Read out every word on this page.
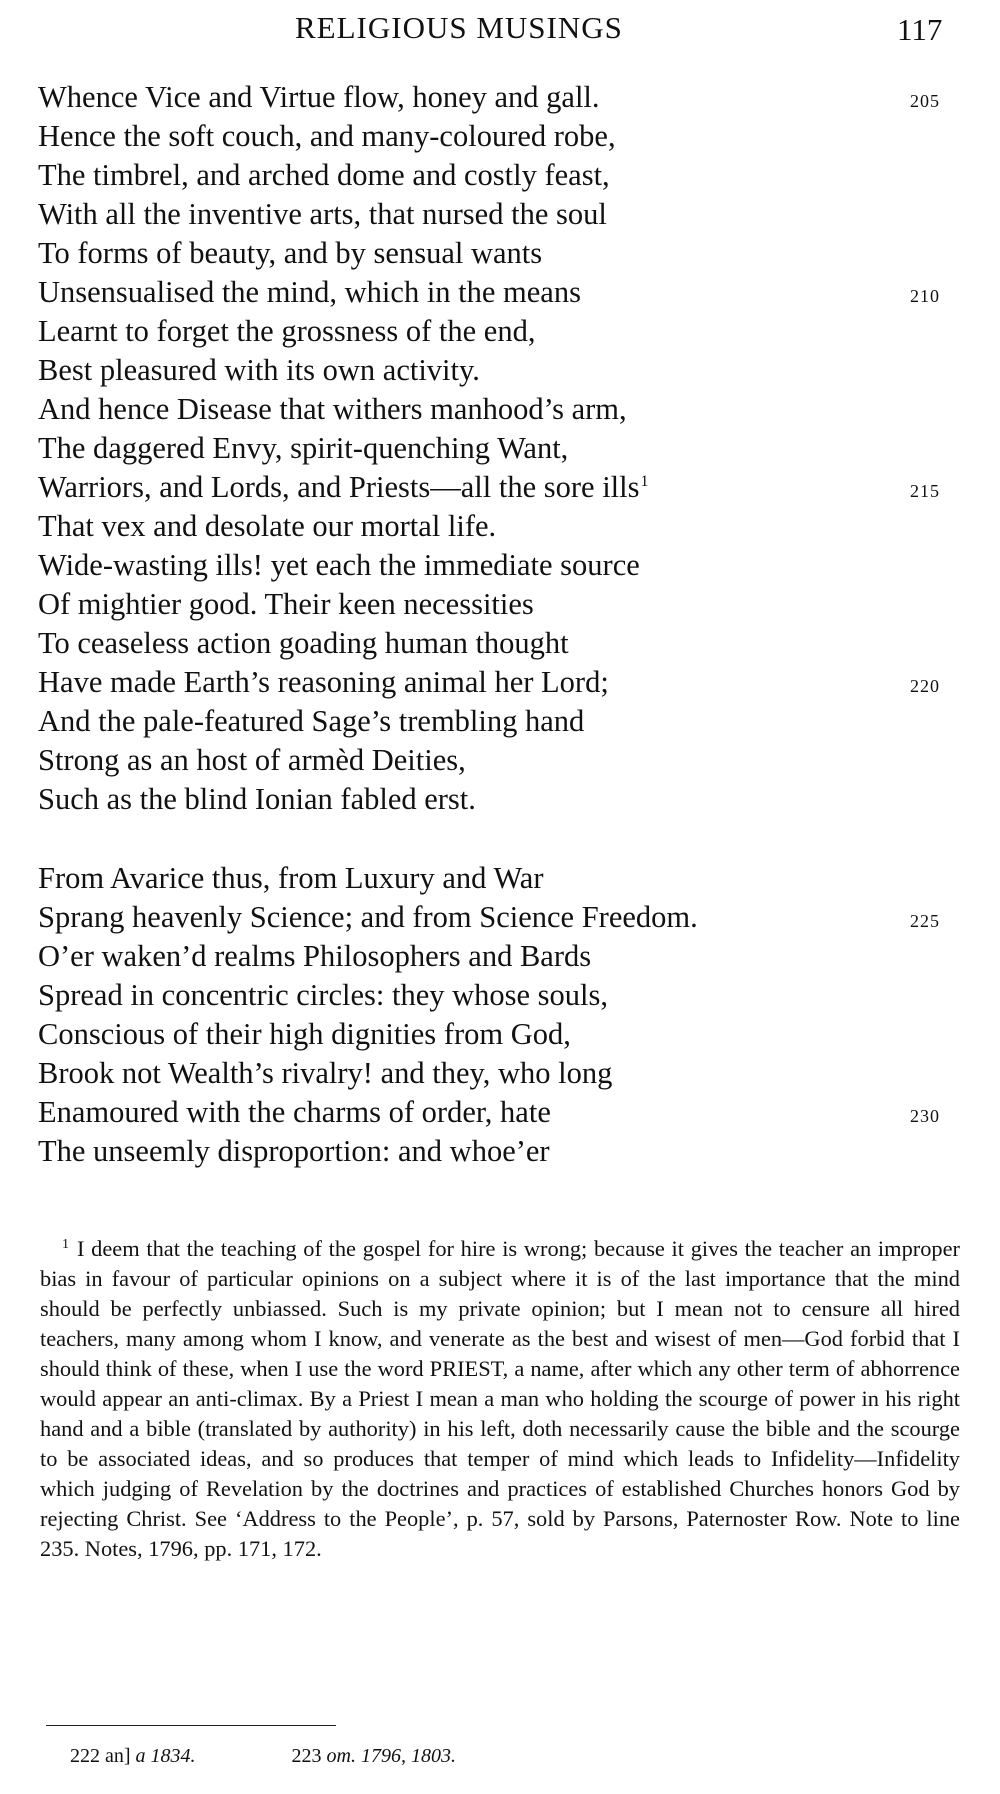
RELIGIOUS MUSINGS	117
Whence Vice and Virtue flow, honey and gall.	205
Hence the soft couch, and many-coloured robe,
The timbrel, and arched dome and costly feast,
With all the inventive arts, that nursed the soul
To forms of beauty, and by sensual wants
Unsensualised the mind, which in the means	210
Learnt to forget the grossness of the end,
Best pleasured with its own activity.
And hence Disease that withers manhood’s arm,
The daggered Envy, spirit-quenching Want,
Warriors, and Lords, and Priests—all the sore ills$^1$	215
That vex and desolate our mortal life.
Wide-wasting ills! yet each the immediate source
Of mightier good. Their keen necessities
To ceaseless action goading human thought
Have made Earth’s reasoning animal her Lord;	220
And the pale-featured Sage’s trembling hand
Strong as an host of armèd Deities,
Such as the blind Ionian fabled erst.
From Avarice thus, from Luxury and War
Sprang heavenly Science; and from Science Freedom.	225
O’er waken’d realms Philosophers and Bards
Spread in concentric circles: they whose souls,
Conscious of their high dignities from God,
Brook not Wealth’s rivalry! and they, who long
Enamoured with the charms of order, hate	230
The unseemly disproportion: and whoe’er

$^1$ I deem that the teaching of the gospel for hire is wrong; because it gives the teacher an improper bias in favour of particular opinions on a subject where it is of the last importance that the mind should be perfectly unbiassed. Such is my private opinion; but I mean not to censure all hired teachers, many among whom I know, and venerate as the best and wisest of men—God forbid that I should think of these, when I use the word PRIEST, a name, after which any other term of abhorrence would appear an anti-climax. By a Priest I mean a man who holding the scourge of power in his right hand and a bible (translated by authority) in his left, doth necessarily cause the bible and the scourge to be associated ideas, and so produces that temper of mind which leads to Infidelity—Infidelity which judging of Revelation by the doctrines and practices of established Churches honors God by rejecting Christ. See ‘Address to the People’, p. 57, sold by Parsons, Paternoster Row. Note to line 235. Notes, 1796, pp. 171, 172.

222 an] a 1834.	223 om. 1796, 1803.
